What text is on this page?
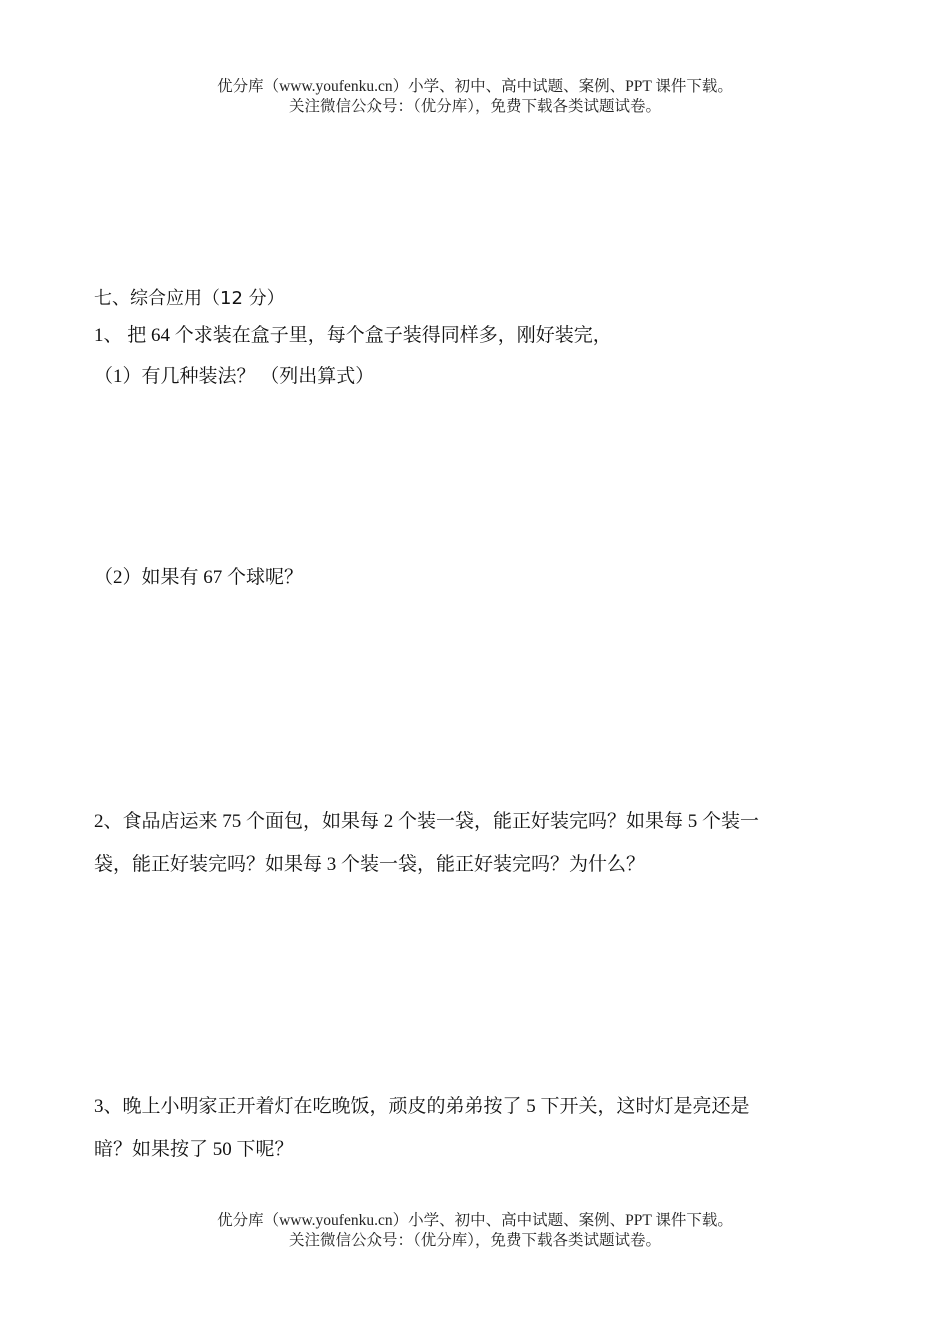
优分库（www.youfenku.cn）小学、初中、高中试题、案例、PPT 课件下载。
关注微信公众号：（优分库），免费下载各类试题试卷。
七、综合应用（12 分）
1、 把 64 个求装在盒子里，每个盒子装得同样多，刚好装完，
（1）有几种装法？ （列出算式）
（2）如果有 67 个球呢？
2、食品店运来 75 个面包，如果每 2 个装一袋，能正好装完吗？如果每 5 个装一
袋，能正好装完吗？如果每 3 个装一袋，能正好装完吗？为什么？
3、晚上小明家正开着灯在吃晚饭，顽皮的弟弟按了 5 下开关，这时灯是亮还是
暗？如果按了 50 下呢？
优分库（www.youfenku.cn）小学、初中、高中试题、案例、PPT 课件下载。
关注微信公众号：（优分库），免费下载各类试题试卷。
